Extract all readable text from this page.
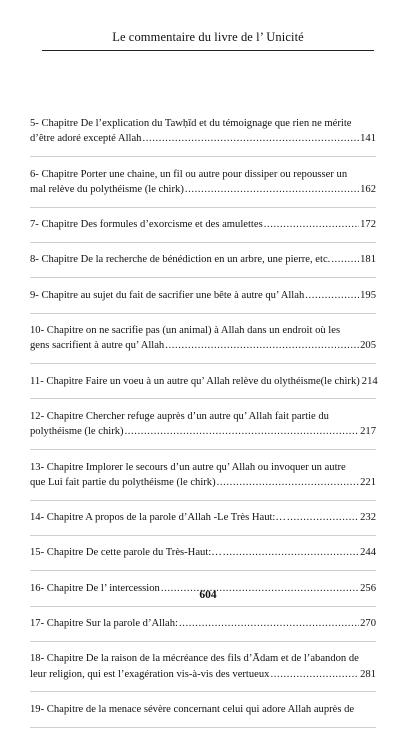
Le commentaire du livre de l’ Unicité
5- Chapitre De l’explication du Tawḥīd et du témoignage que rien ne mérite
d’être adoré excepté Allah .....	141
6- Chapitre Porter une chaine, un fil ou autre pour dissiper ou repousser un
mal relève du polythéisme (le chirk) .....	162
7- Chapitre Des formules d’exorcisme et des amulettes .....	172
8- Chapitre De la recherche de bénédiction en un arbre, une pierre, etc. .....	181
9- Chapitre au sujet du fait de sacrifier une bête à autre qu’ Allah .....	195
10- Chapitre on ne sacrifie pas (un animal) à Allah dans un endroit où les
gens sacrifient à autre qu’ Allah .....	205
11- Chapitre Faire un voeu à un autre qu’ Allah relève du olythéisme(le chirk) 214
12- Chapitre Chercher refuge auprès d’un autre qu’ Allah fait partie du
polythéisme (le chirk) .....	217
13- Chapitre Implorer le secours d’un autre qu’ Allah ou invoquer un autre
que Lui fait partie du polythéisme (le chirk) .....	221
14- Chapitre A propos de la parole d’Allah -Le Très Haut:… .....	232
15- Chapitre De cette parole du Très-Haut:… .....	244
16- Chapitre De l’ intercession .....	256
17- Chapitre Sur la parole d’Allah: .....	270
18- Chapitre De la raison de la mécréance des fils d’Ādam et de l’abandon de
leur religion, qui est l’exagération vis-à-vis des vertueux .....	281
19- Chapitre de la menace sévère concernant celui qui adore Allah auprès de
604
